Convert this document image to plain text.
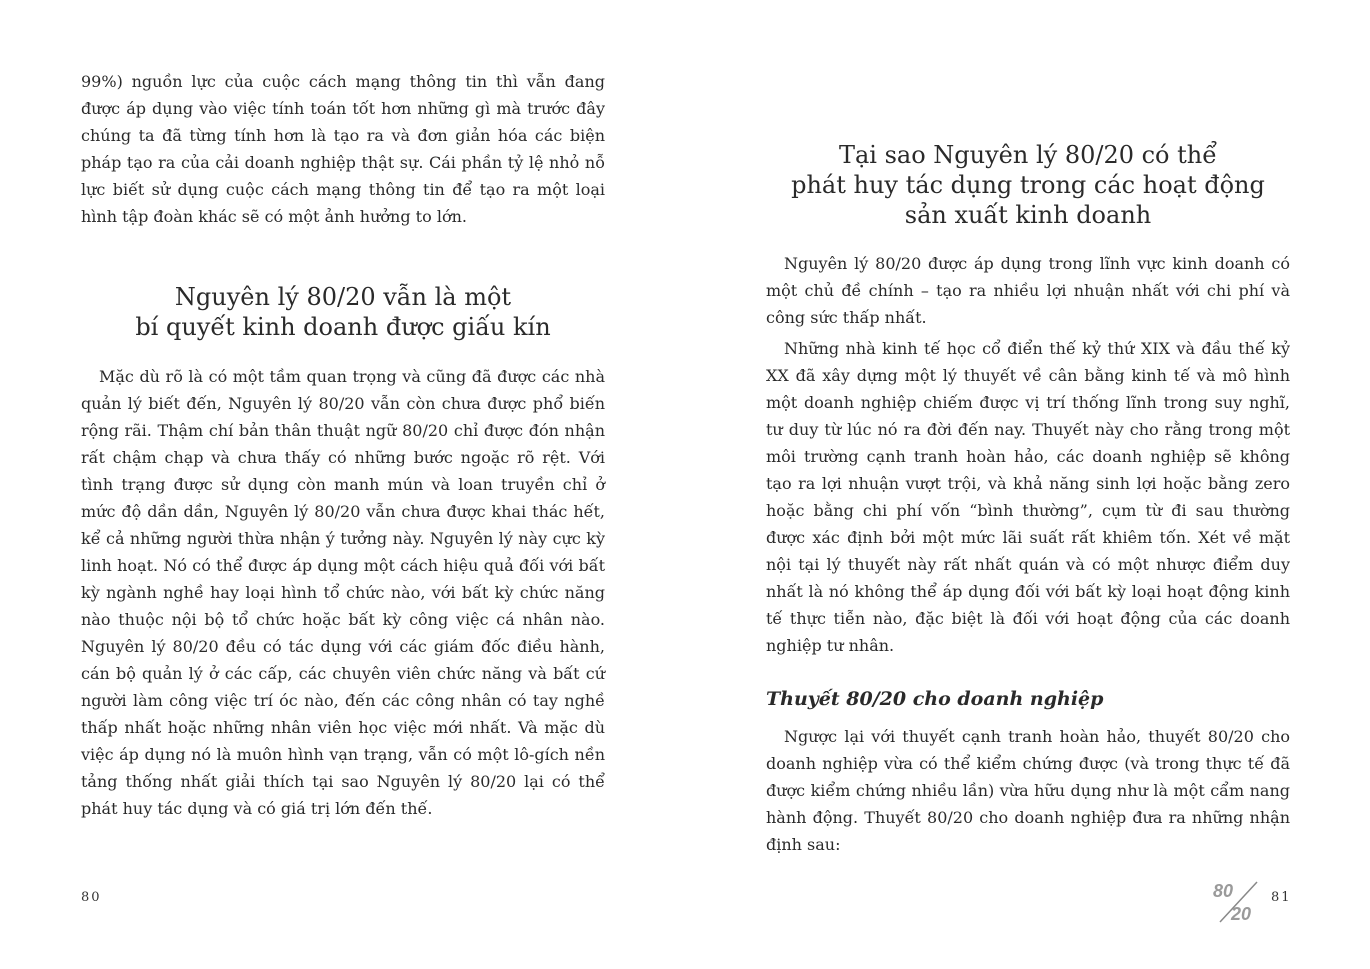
99%) nguồn lực của cuộc cách mạng thông tin thì vẫn đang được áp dụng vào việc tính toán tốt hơn những gì mà trước đây chúng ta đã từng tính hơn là tạo ra và đơn giản hóa các biện pháp tạo ra của cải doanh nghiệp thật sự. Cái phần tỷ lệ nhỏ nỗ lực biết sử dụng cuộc cách mạng thông tin để tạo ra một loại hình tập đoàn khác sẽ có một ảnh hưởng to lớn.

Nguyên lý 80/20 vẫn là một
bí quyết kinh doanh được giấu kín

Mặc dù rõ là có một tầm quan trọng và cũng đã được các nhà quản lý biết đến, Nguyên lý 80/20 vẫn còn chưa được phổ biến rộng rãi. Thậm chí bản thân thuật ngữ 80/20 chỉ được đón nhận rất chậm chạp và chưa thấy có những bước ngoặc rõ rệt. Với tình trạng được sử dụng còn manh mún và loan truyền chỉ ở mức độ dần dần, Nguyên lý 80/20 vẫn chưa được khai thác hết, kể cả những người thừa nhận ý tưởng này. Nguyên lý này cực kỳ linh hoạt. Nó có thể được áp dụng một cách hiệu quả đối với bất kỳ ngành nghề hay loại hình tổ chức nào, với bất kỳ chức năng nào thuộc nội bộ tổ chức hoặc bất kỳ công việc cá nhân nào. Nguyên lý 80/20 đều có tác dụng với các giám đốc điều hành, cán bộ quản lý ở các cấp, các chuyên viên chức năng và bất cứ người làm công việc trí óc nào, đến các công nhân có tay nghề thấp nhất hoặc những nhân viên học việc mới nhất. Và mặc dù việc áp dụng nó là muôn hình vạn trạng, vẫn có một lô-gích nền tảng thống nhất giải thích tại sao Nguyên lý 80/20 lại có thể phát huy tác dụng và có giá trị lớn đến thế.

80
Tại sao Nguyên lý 80/20 có thể
phát huy tác dụng trong các hoạt động
sản xuất kinh doanh

Nguyên lý 80/20 được áp dụng trong lĩnh vực kinh doanh có một chủ đề chính – tạo ra nhiều lợi nhuận nhất với chi phí và công sức thấp nhất.

Những nhà kinh tế học cổ điển thế kỷ thứ XIX và đầu thế kỷ XX đã xây dựng một lý thuyết về cân bằng kinh tế và mô hình một doanh nghiệp chiếm được vị trí thống lĩnh trong suy nghĩ, tư duy từ lúc nó ra đời đến nay. Thuyết này cho rằng trong một môi trường cạnh tranh hoàn hảo, các doanh nghiệp sẽ không tạo ra lợi nhuận vượt trội, và khả năng sinh lợi hoặc bằng zero hoặc bằng chi phí vốn “bình thường”, cụm từ đi sau thường được xác định bởi một mức lãi suất rất khiêm tốn. Xét về mặt nội tại lý thuyết này rất nhất quán và có một nhược điểm duy nhất là nó không thể áp dụng đối với bất kỳ loại hoạt động kinh tế thực tiễn nào, đặc biệt là đối với hoạt động của các doanh nghiệp tư nhân.

Thuyết 80/20 cho doanh nghiệp

Ngược lại với thuyết cạnh tranh hoàn hảo, thuyết 80/20 cho doanh nghiệp vừa có thể kiểm chứng được (và trong thực tế đã được kiểm chứng nhiều lần) vừa hữu dụng như là một cẩm nang hành động. Thuyết 80/20 cho doanh nghiệp đưa ra những nhận định sau:

80
20
81
